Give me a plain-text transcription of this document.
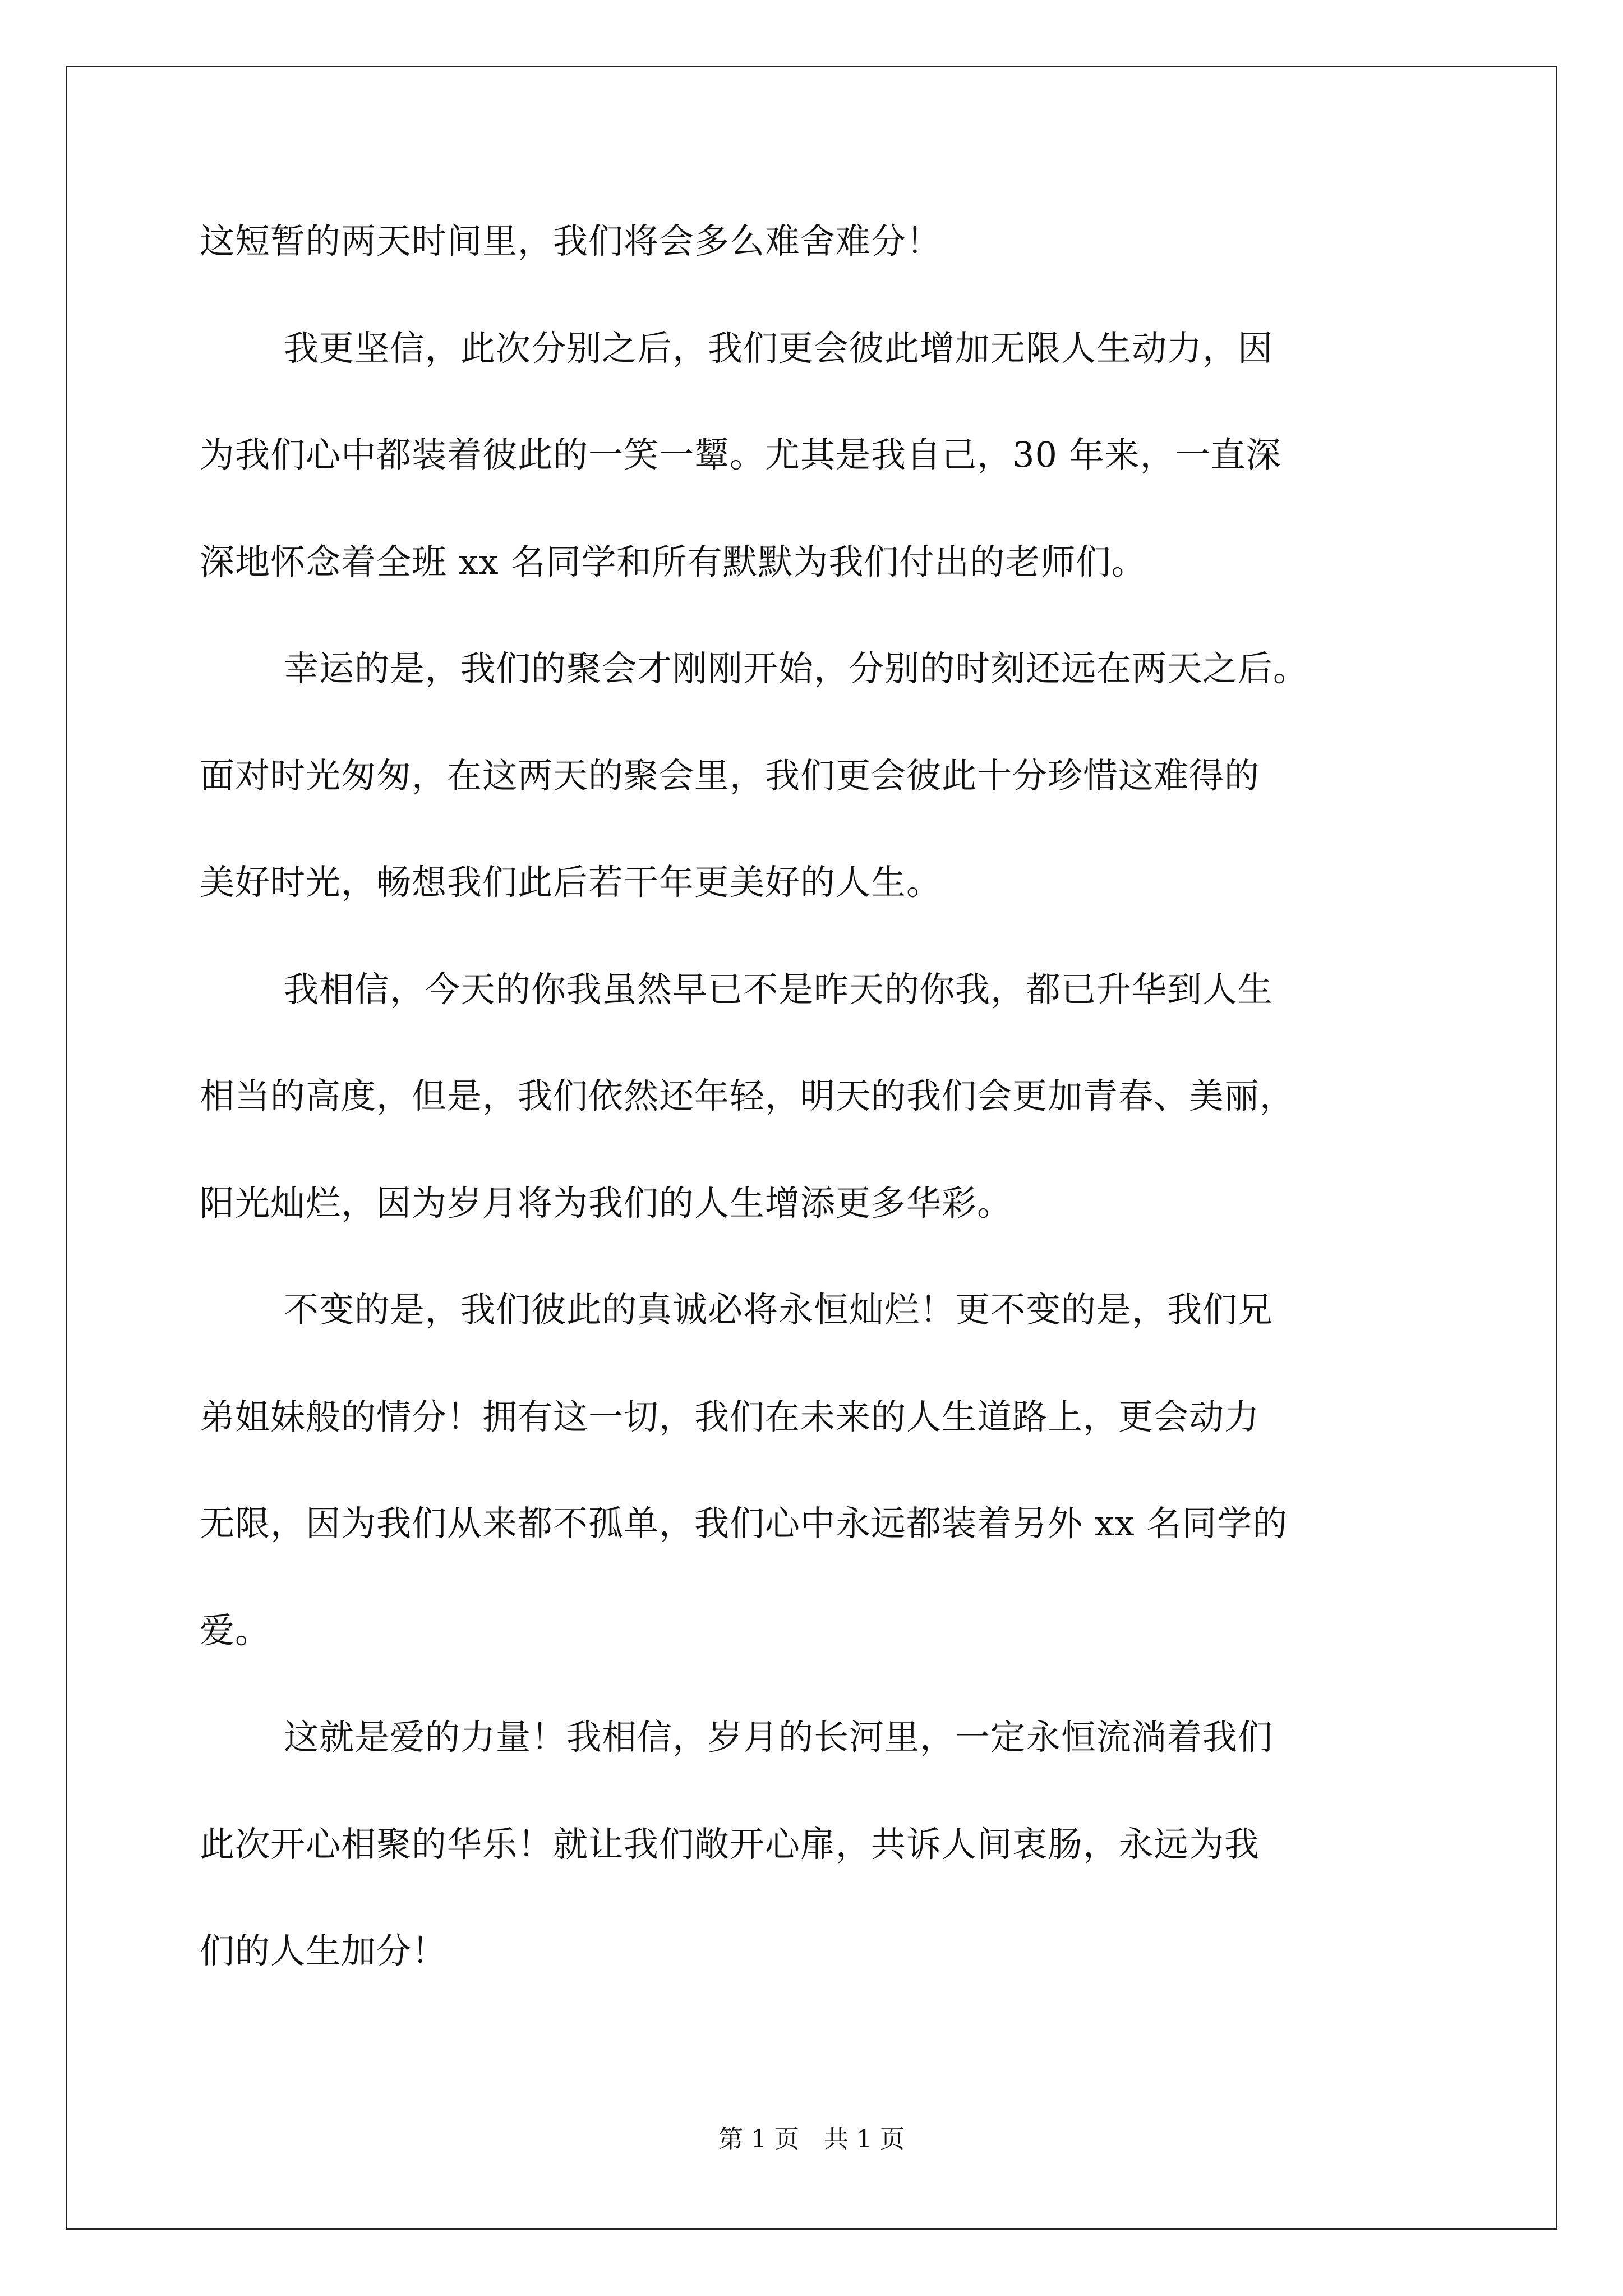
这短暂的两天时间里，我们将会多么难舍难分！
我更坚信，此次分别之后，我们更会彼此增加无限人生动力，因
为我们心中都装着彼此的一笑一颦。尤其是我自己，30 年来，一直深
深地怀念着全班 xx 名同学和所有默默为我们付出的老师们。
幸运的是，我们的聚会才刚刚开始，分别的时刻还远在两天之后。
面对时光匆匆，在这两天的聚会里，我们更会彼此十分珍惜这难得的
美好时光，畅想我们此后若干年更美好的人生。
我相信，今天的你我虽然早已不是昨天的你我，都已升华到人生
相当的高度，但是，我们依然还年轻，明天的我们会更加青春、美丽，
阳光灿烂，因为岁月将为我们的人生增添更多华彩。
不变的是，我们彼此的真诚必将永恒灿烂！更不变的是，我们兄
弟姐妹般的情分！拥有这一切，我们在未来的人生道路上，更会动力
无限，因为我们从来都不孤单，我们心中永远都装着另外 xx 名同学的
爱。
这就是爱的力量！我相信，岁月的长河里，一定永恒流淌着我们
此次开心相聚的华乐！就让我们敞开心扉，共诉人间衷肠，永远为我
们的人生加分！
第 1 页　共 1 页
